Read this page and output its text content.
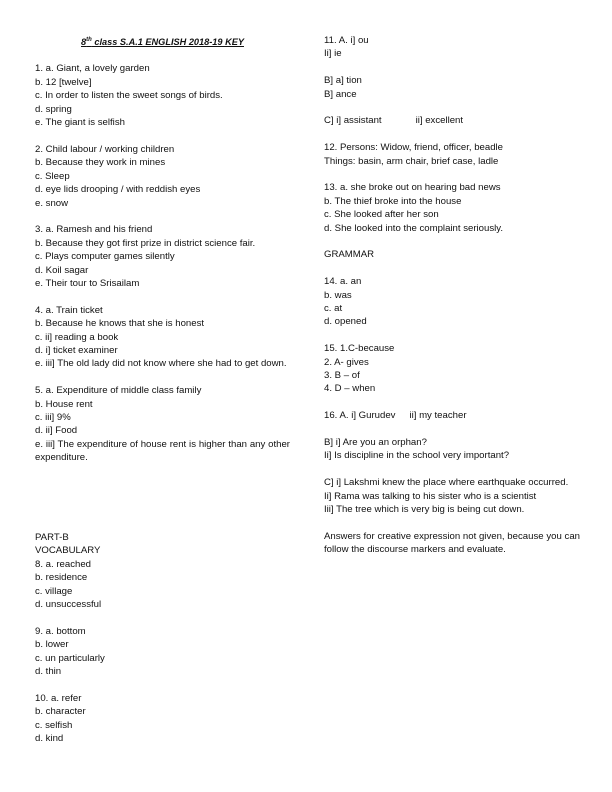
8th class S.A.1 ENGLISH 2018-19 KEY
1. a. Giant, a lovely garden
b. 12 [twelve]
c. In order to listen the sweet songs of birds.
d. spring
e. The giant is selfish
2. Child labour / working children
b. Because they work in mines
c. Sleep
d. eye lids drooping / with reddish eyes
e. snow
3. a. Ramesh and his friend
b. Because they got first prize in district science fair.
c. Plays computer games silently
d. Koil sagar
e. Their tour to Srisailam
4. a. Train ticket
b. Because he knows that she is honest
c. ii] reading a book
d. i] ticket examiner
e. iii] The old lady did not know where she had to get down.
5. a. Expenditure of middle class family
b. House rent
c. iii] 9%
d. ii] Food
e. iii] The expenditure of house rent is higher than any other expenditure.
PART-B
VOCABULARY
8. a. reached
b. residence
c. village
d. unsuccessful
9. a. bottom
b. lower
c. un particularly
d. thin
10. a. refer
b. character
c. selfish
d. kind
11. A. i] ou
Ii] ie
B] a] tion
B] ance
C] i] assistant	ii] excellent
12. Persons: Widow, friend, officer, beadle
Things: basin, arm chair, brief case, ladle
13. a. she broke out on hearing bad news
b. The thief broke into the house
c. She looked after her son
d. She looked into the complaint seriously.
GRAMMAR
14. a. an
b. was
c. at
d. opened
15. 1.C-because
2. A- gives
3. B – of
4. D – when
16. A. i] Gurudev ii] my teacher
B] i] Are you an orphan?
Ii] Is discipline in the school very important?
C] i] Lakshmi knew the place where earthquake occurred.
Ii] Rama was talking to his sister who is a scientist
Iii] The tree which is very big is being cut down.
Answers for creative expression not given, because you can follow the discourse markers and evaluate.
